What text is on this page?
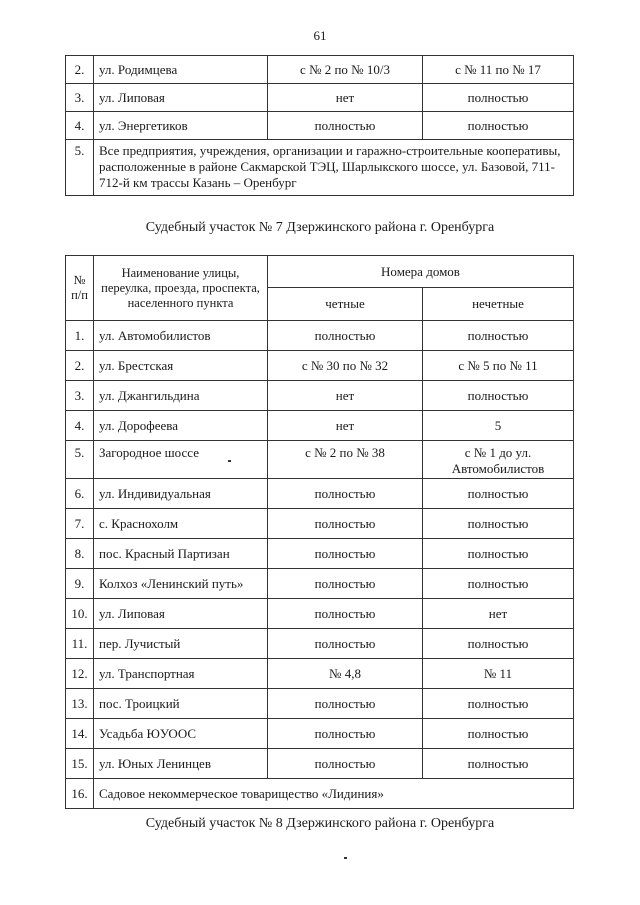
61
2.	ул. Родимцева	с № 2 по № 10/3	с № 11 по № 17
3.	ул. Липовая	нет	полностью
4.	ул. Энергетиков	полностью	полностью
5.	Все предприятия, учреждения, организации и гаражно-строительные кооперативы, расположенные в районе Сакмарской ТЭЦ, Шарлыкского шоссе, ул. Базовой, 711-712-й км трассы Казань – Оренбург		
Судебный участок № 7 Дзержинского района г. Оренбурга
№ п/п	Наименование улицы, переулка, проезда, проспекта, населенного пункта	Номера домов	
		четные	нечетные
1.	ул. Автомобилистов	полностью	полностью
2.	ул. Брестская	с № 30 по № 32	с № 5 по № 11
3.	ул. Джангильдина	нет	полностью
4.	ул. Дорофеева	нет	5
5.	Загородное шоссе	с № 2 по № 38	с № 1 до ул. Автомобилистов
6.	ул. Индивидуальная	полностью	полностью
7.	с. Краснохолм	полностью	полностью
8.	пос. Красный Партизан	полностью	полностью
9.	Колхоз «Ленинский путь»	полностью	полностью
10.	ул. Липовая	полностью	нет
11.	пер. Лучистый	полностью	полностью
12.	ул. Транспортная	№ 4,8	№ 11
13.	пос. Троицкий	полностью	полностью
14.	Усадьба ЮУООС	полностью	полностью
15.	ул. Юных Ленинцев	полностью	полностью
16.	Садовое некоммерческое товарищество «Лидиния»		
Судебный участок № 8 Дзержинского района г. Оренбурга
